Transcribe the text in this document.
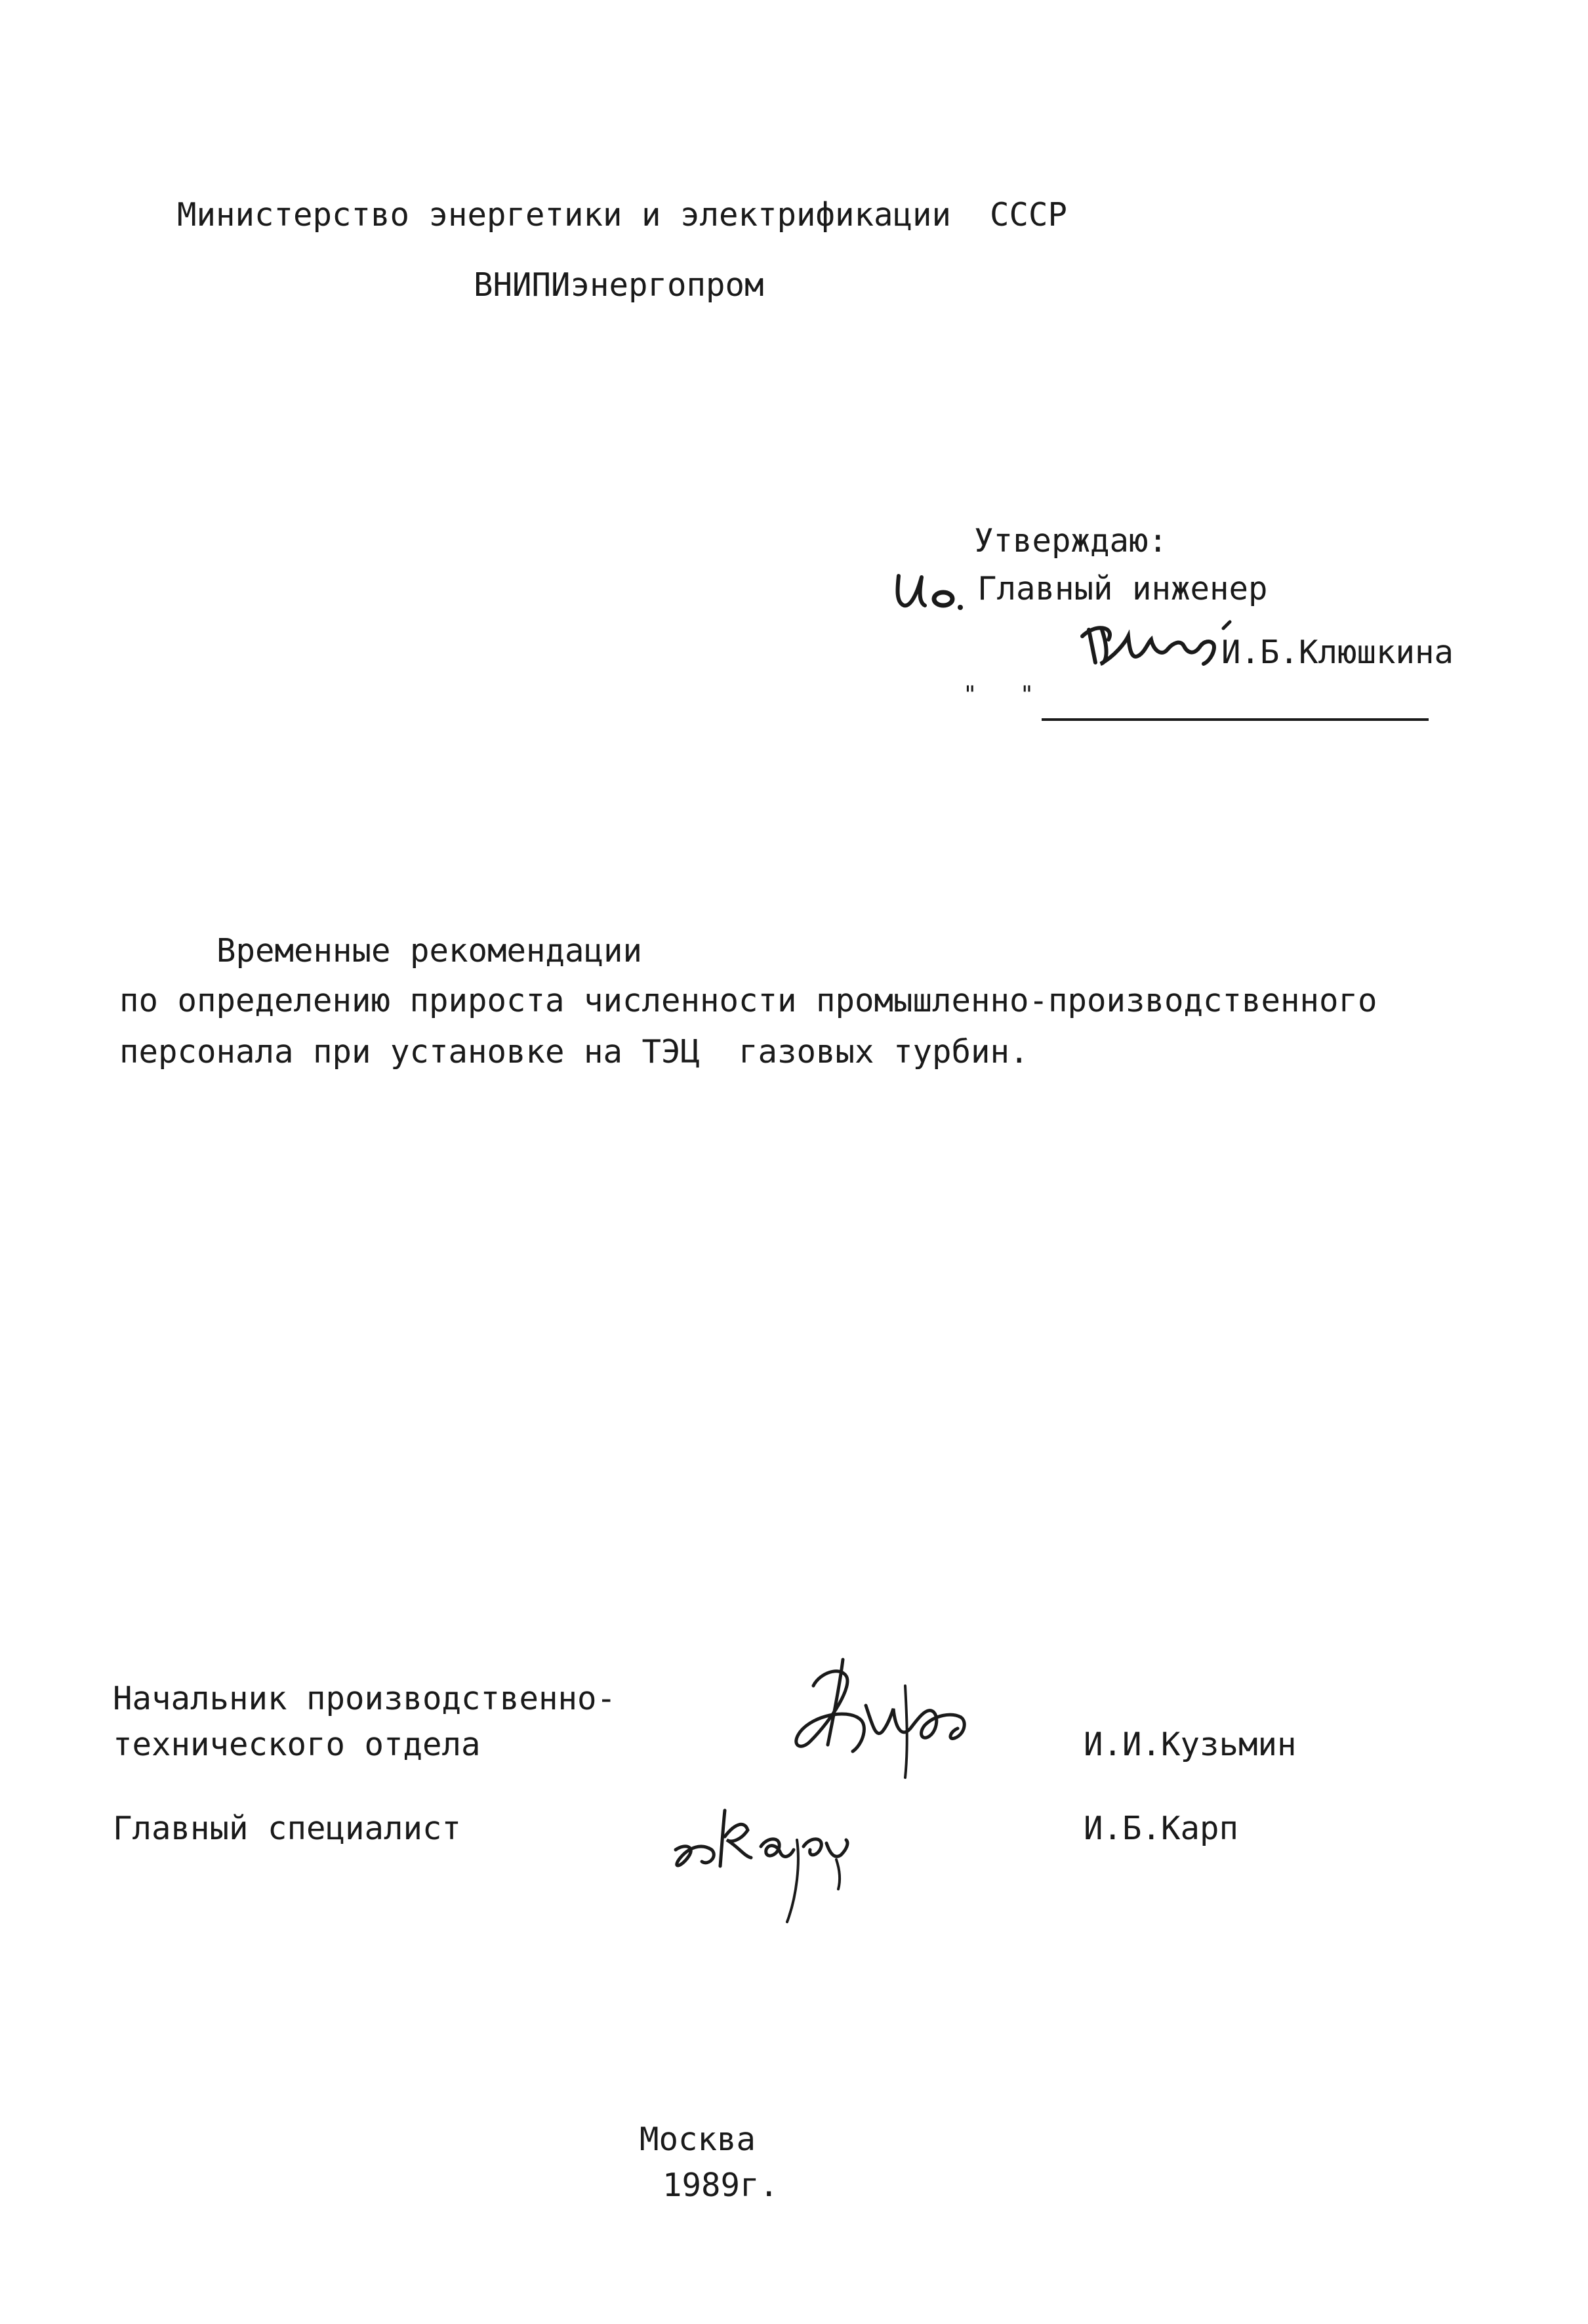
Министерство энергетики и электрификации  СССР
ВНИПИэнергопром
Утверждаю:
Главный инженер
И.Б.Клюшкина
"   "
Временные рекомендации
по определению прироста численности промышленно-производственного
персонала при установке на ТЭЦ  газовых турбин.
Начальник производственно-
технического отдела	И.И.Кузьмин
Главный специалист	И.Б.Карп
Москва
1989г.
